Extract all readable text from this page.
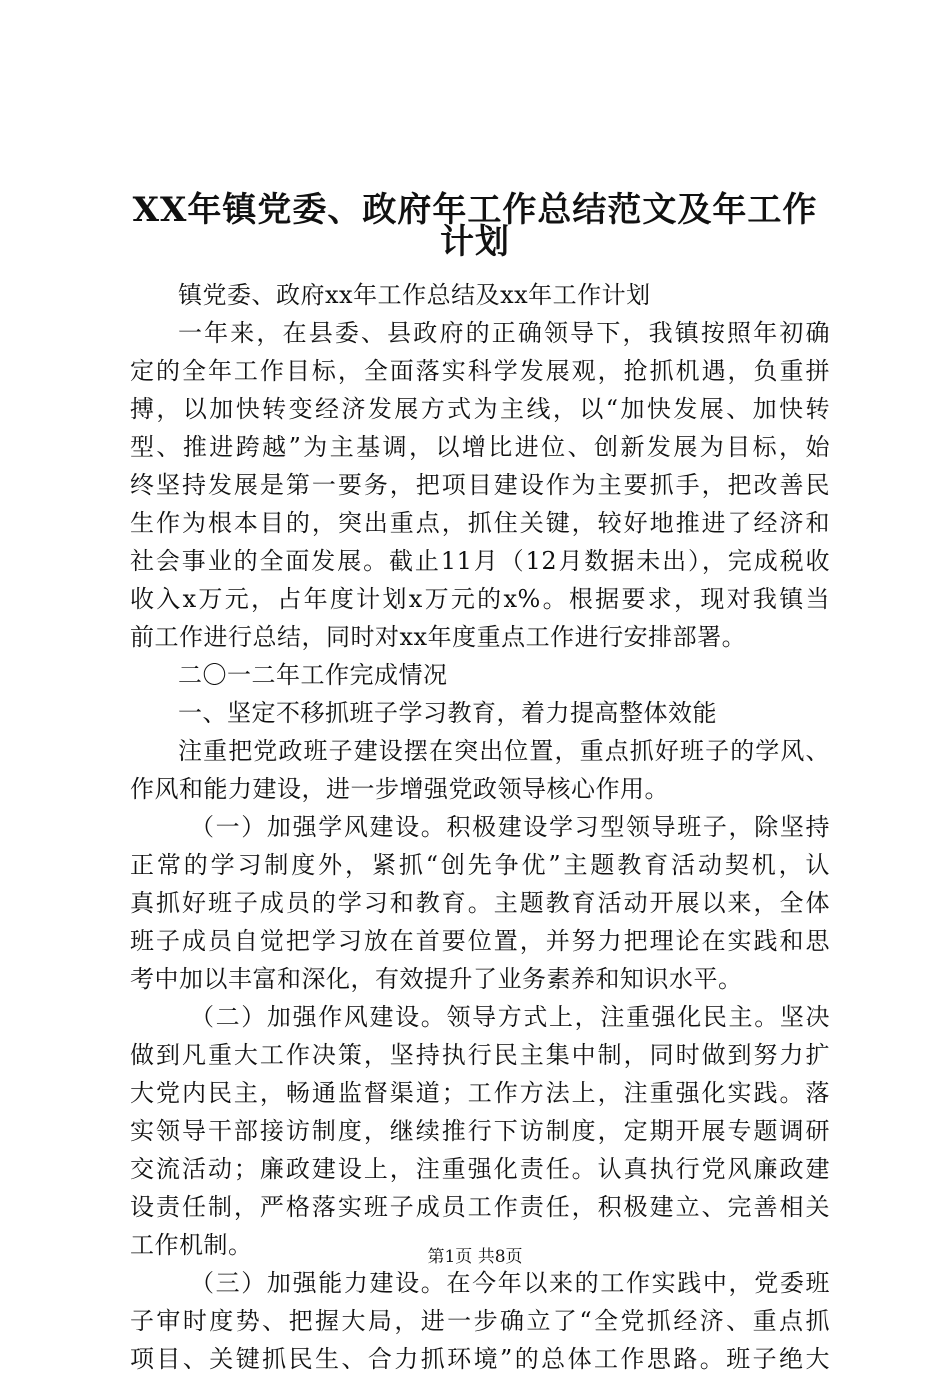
XX年镇党委、政府年工作总结范文及年工作
计划
镇党委、政府xx年工作总结及xx年工作计划
一年来，在县委、县政府的正确领导下，我镇按照年初确
定的全年工作目标，全面落实科学发展观，抢抓机遇，负重拼
搏，以加快转变经济发展方式为主线，以“加快发展、加快转
型、推进跨越”为主基调，以增比进位、创新发展为目标，始
终坚持发展是第一要务，把项目建设作为主要抓手，把改善民
生作为根本目的，突出重点，抓住关键，较好地推进了经济和
社会事业的全面发展。截止11月（12月数据未出），完成税收
收入x万元，占年度计划x万元的x%。根据要求，现对我镇当
前工作进行总结，同时对xx年度重点工作进行安排部署。
二〇一二年工作完成情况
一、坚定不移抓班子学习教育，着力提高整体效能
注重把党政班子建设摆在突出位置，重点抓好班子的学风、
作风和能力建设，进一步增强党政领导核心作用。
（一）加强学风建设。积极建设学习型领导班子，除坚持
正常的学习制度外，紧抓“创先争优”主题教育活动契机，认
真抓好班子成员的学习和教育。主题教育活动开展以来，全体
班子成员自觉把学习放在首要位置，并努力把理论在实践和思
考中加以丰富和深化，有效提升了业务素养和知识水平。
（二）加强作风建设。领导方式上，注重强化民主。坚决
做到凡重大工作决策，坚持执行民主集中制，同时做到努力扩
大党内民主，畅通监督渠道；工作方法上，注重强化实践。落
实领导干部接访制度，继续推行下访制度，定期开展专题调研
交流活动；廉政建设上，注重强化责任。认真执行党风廉政建
设责任制，严格落实班子成员工作责任，积极建立、完善相关
工作机制。
（三）加强能力建设。在今年以来的工作实践中，党委班
子审时度势、把握大局，进一步确立了“全党抓经济、重点抓
项目、关键抓民生、合力抓环境”的总体工作思路。班子绝大
第1页 共8页
